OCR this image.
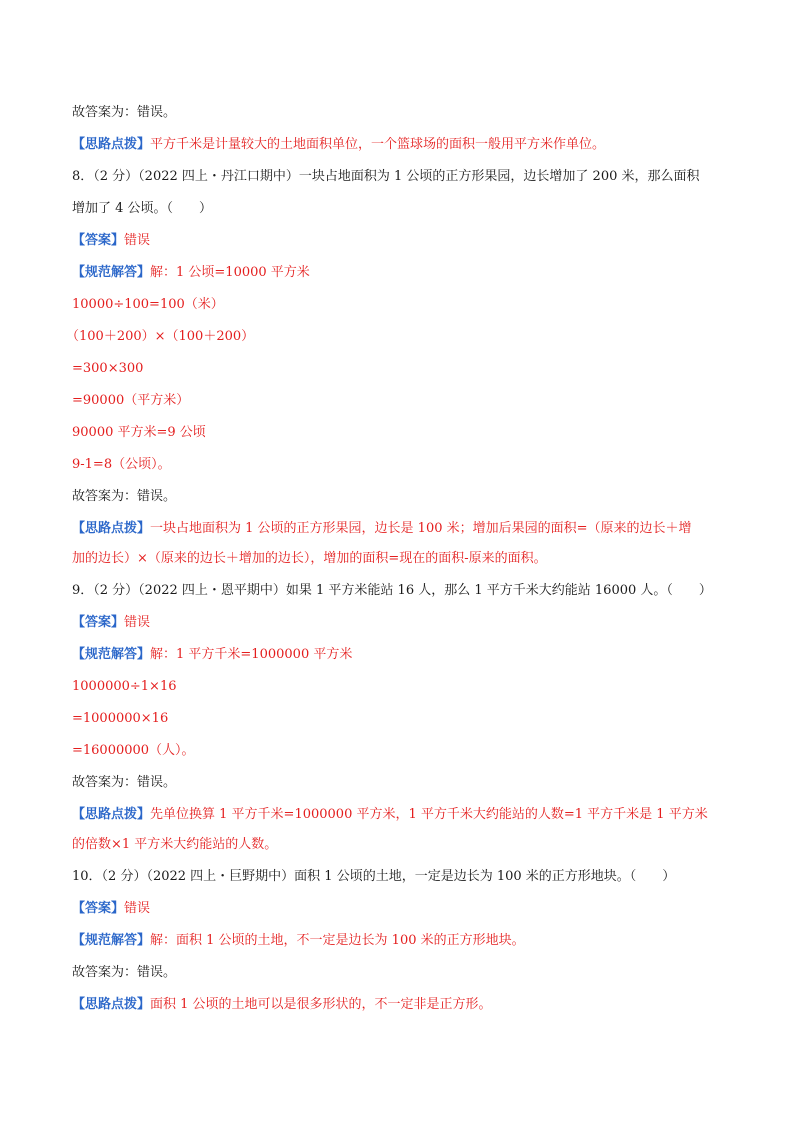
故答案为：错误。
【思路点拨】平方千米是计量较大的土地面积单位，一个篮球场的面积一般用平方米作单位。
8．（2 分）（2022 四上・丹江口期中）一块占地面积为 1 公顷的正方形果园，边长增加了 200 米，那么面积
增加了 4 公顷。（　　）
【答案】错误
【规范解答】解：1 公顷=10000 平方米
10000÷100=100（米）
（100＋200）×（100＋200）
=300×300
=90000（平方米）
90000 平方米=9 公顷
9-1=8（公顷）。
故答案为：错误。
【思路点拨】一块占地面积为 1 公顷的正方形果园，边长是 100 米；增加后果园的面积=（原来的边长＋增
加的边长）×（原来的边长＋增加的边长），增加的面积=现在的面积-原来的面积。
9．（2 分）（2022 四上・恩平期中）如果 1 平方米能站 16 人，那么 1 平方千米大约能站 16000 人。（　　）
【答案】错误
【规范解答】解：1 平方千米=1000000 平方米
1000000÷1×16
=1000000×16
=16000000（人）。
故答案为：错误。
【思路点拨】先单位换算 1 平方千米=1000000 平方米，1 平方千米大约能站的人数=1 平方千米是 1 平方米
的倍数×1 平方米大约能站的人数。
10．（2 分）（2022 四上・巨野期中）面积 1 公顷的土地，一定是边长为 100 米的正方形地块。（　　）
【答案】错误
【规范解答】解：面积 1 公顷的土地，不一定是边长为 100 米的正方形地块。
故答案为：错误。
【思路点拨】面积 1 公顷的土地可以是很多形状的，不一定非是正方形。
